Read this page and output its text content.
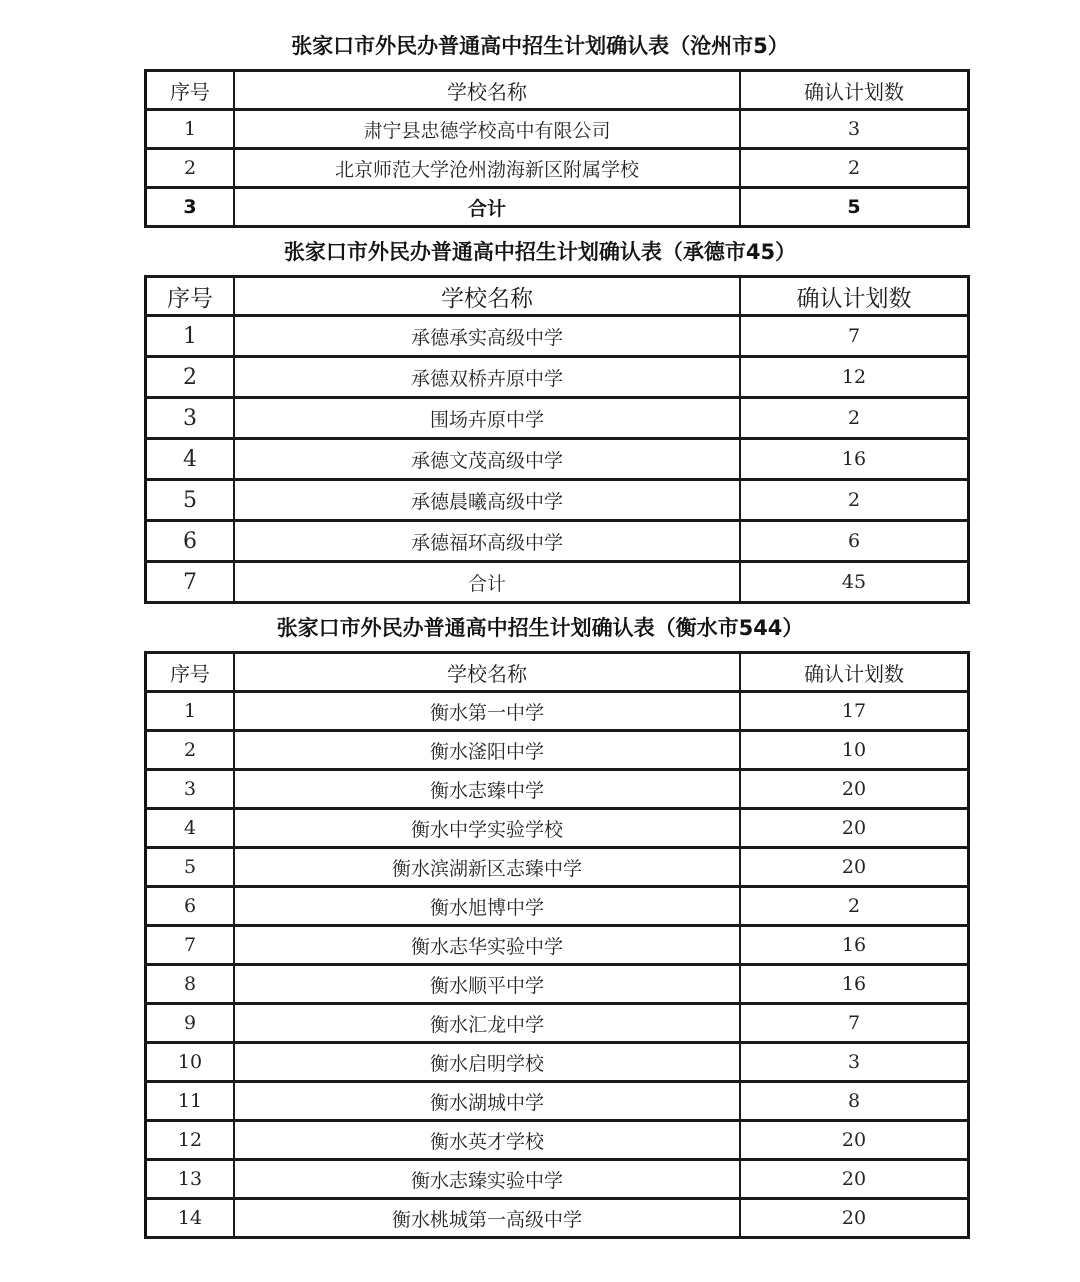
张家口市外民办普通高中招生计划确认表（沧州市5）
序号	学校名称	确认计划数
1	肃宁县忠德学校高中有限公司	3
2	北京师范大学沧州渤海新区附属学校	2
3	合计	5
张家口市外民办普通高中招生计划确认表（承德市45）
序号	学校名称	确认计划数
1	承德承实高级中学	7
2	承德双桥卉原中学	12
3	围场卉原中学	2
4	承德文茂高级中学	16
5	承德晨曦高级中学	2
6	承德福环高级中学	6
7	合计	45
张家口市外民办普通高中招生计划确认表（衡水市544）
序号	学校名称	确认计划数
1	衡水第一中学	17
2	衡水滏阳中学	10
3	衡水志臻中学	20
4	衡水中学实验学校	20
5	衡水滨湖新区志臻中学	20
6	衡水旭博中学	2
7	衡水志华实验中学	16
8	衡水顺平中学	16
9	衡水汇龙中学	7
10	衡水启明学校	3
11	衡水湖城中学	8
12	衡水英才学校	20
13	衡水志臻实验中学	20
14	衡水桃城第一高级中学	20
